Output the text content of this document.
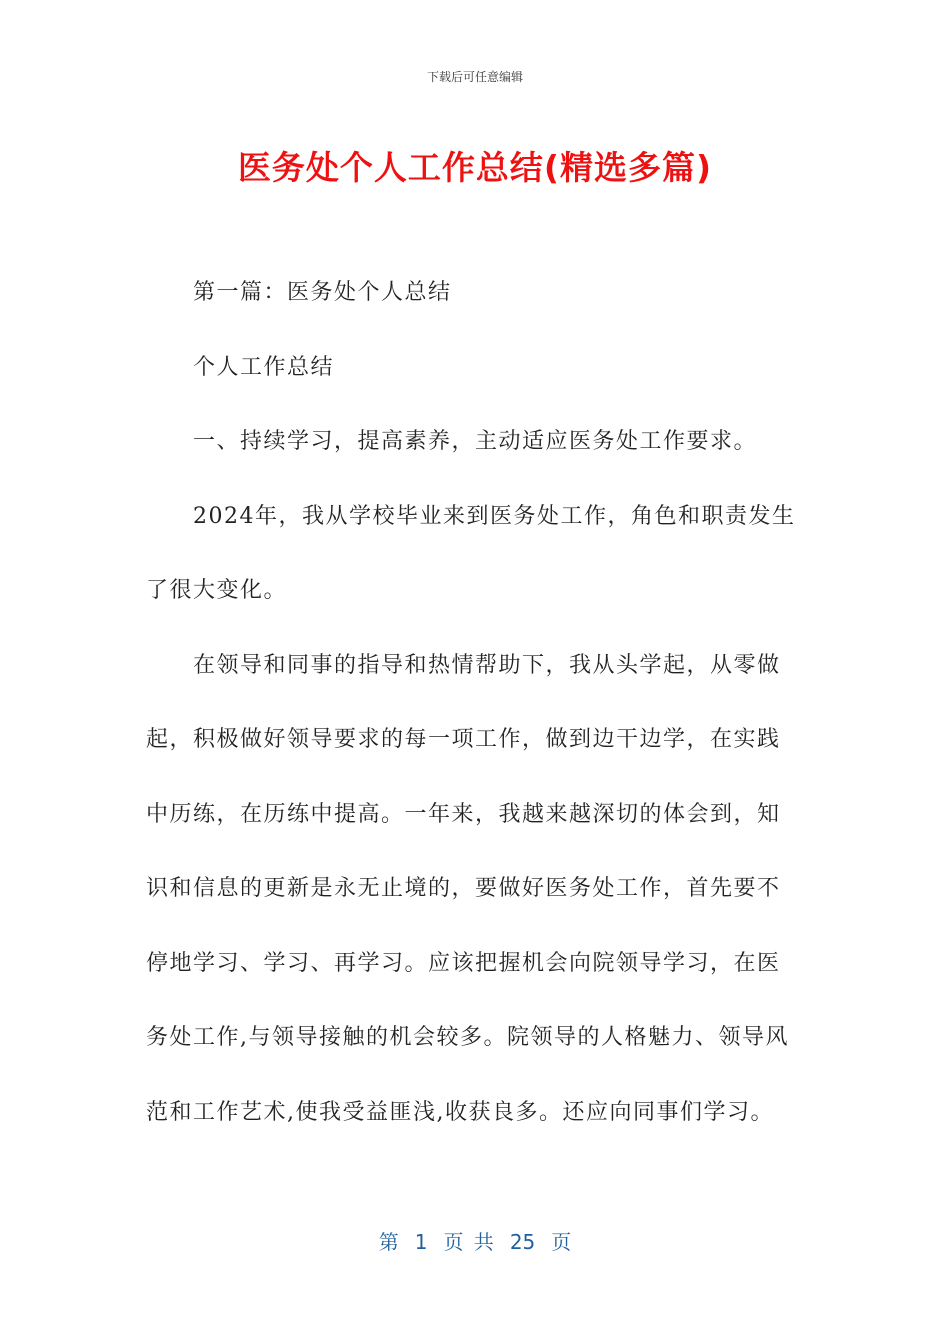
下载后可任意编辑
医务处个人工作总结(精选多篇)
第一篇：医务处个人总结
个人工作总结
一、持续学习，提高素养，主动适应医务处工作要求。
2024年，我从学校毕业来到医务处工作，角色和职责发生
了很大变化。
在领导和同事的指导和热情帮助下，我从头学起，从零做
起，积极做好领导要求的每一项工作，做到边干边学，在实践
中历练，在历练中提高。一年来，我越来越深切的体会到，知
识和信息的更新是永无止境的，要做好医务处工作，首先要不
停地学习、学习、再学习。应该把握机会向院领导学习，在医
务处工作,与领导接触的机会较多。院领导的人格魅力、领导风
范和工作艺术,使我受益匪浅,收获良多。还应向同事们学习。
第 1 页 共 25 页
